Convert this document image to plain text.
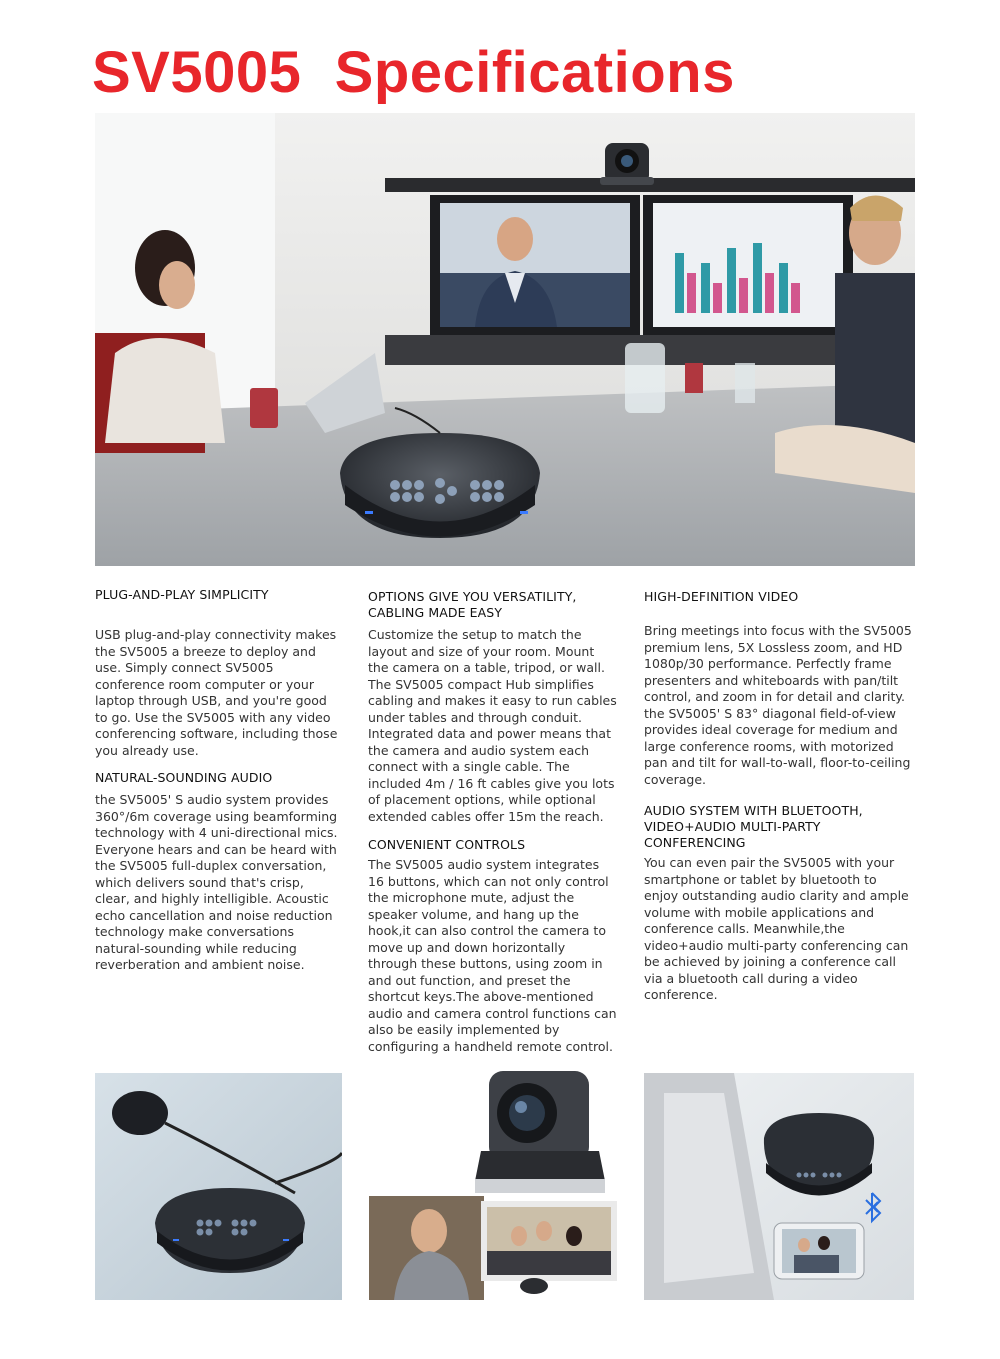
SV5005  Specifications
PLUG-AND-PLAY SIMPLICITY

USB plug-and-play connectivity makes the SV5005 a breeze to deploy and use. Simply connect SV5005 conference room computer or your laptop through USB, and you're good to go. Use the SV5005 with any video conferencing software, including those you already use.

NATURAL-SOUNDING AUDIO

the SV5005' S audio system provides 360°/6m coverage using beamforming technology with 4 uni-directional mics. Everyone hears and can be heard with the SV5005 full-duplex conversation, which delivers sound that's crisp, clear, and highly intelligible. Acoustic echo cancellation and noise reduction technology make conversations natural-sounding while reducing reverberation and ambient noise.

OPTIONS GIVE YOU VERSATILITY, CABLING MADE EASY

Customize the setup to match the layout and size of your room. Mount the camera on a table, tripod, or wall. The SV5005 compact Hub simplifies cabling and makes it easy to run cables under tables and through conduit. Integrated data and power means that the camera and audio system each connect with a single cable. The included 4m / 16 ft cables give you lots of placement options, while optional extended cables offer 15m the reach.

CONVENIENT CONTROLS

The SV5005 audio system integrates 16 buttons, which can not only control the microphone mute, adjust the speaker volume, and hang up the hook,it can also control the camera to move up and down horizontally through these buttons, using zoom in and out function, and preset the shortcut keys.The above-mentioned audio and camera control functions can also be easily implemented by configuring a handheld remote control.

HIGH-DEFINITION VIDEO

Bring meetings into focus with the SV5005 premium lens, 5X Lossless zoom, and HD 1080p/30 performance. Perfectly frame presenters and whiteboards with pan/tilt control, and zoom in for detail and clarity. the SV5005' S 83° diagonal field-of-view provides ideal coverage for medium and large conference rooms, with motorized pan and tilt for wall-to-wall, floor-to-ceiling coverage.

AUDIO SYSTEM WITH BLUETOOTH, VIDEO+AUDIO MULTI-PARTY CONFERENCING

You can even pair the SV5005 with your smartphone or tablet by bluetooth to enjoy outstanding audio clarity and ample volume with mobile applications and conference calls. Meanwhile,the video+audio multi-party conferencing can be achieved by joining a conference call via a bluetooth call during a video conference.
